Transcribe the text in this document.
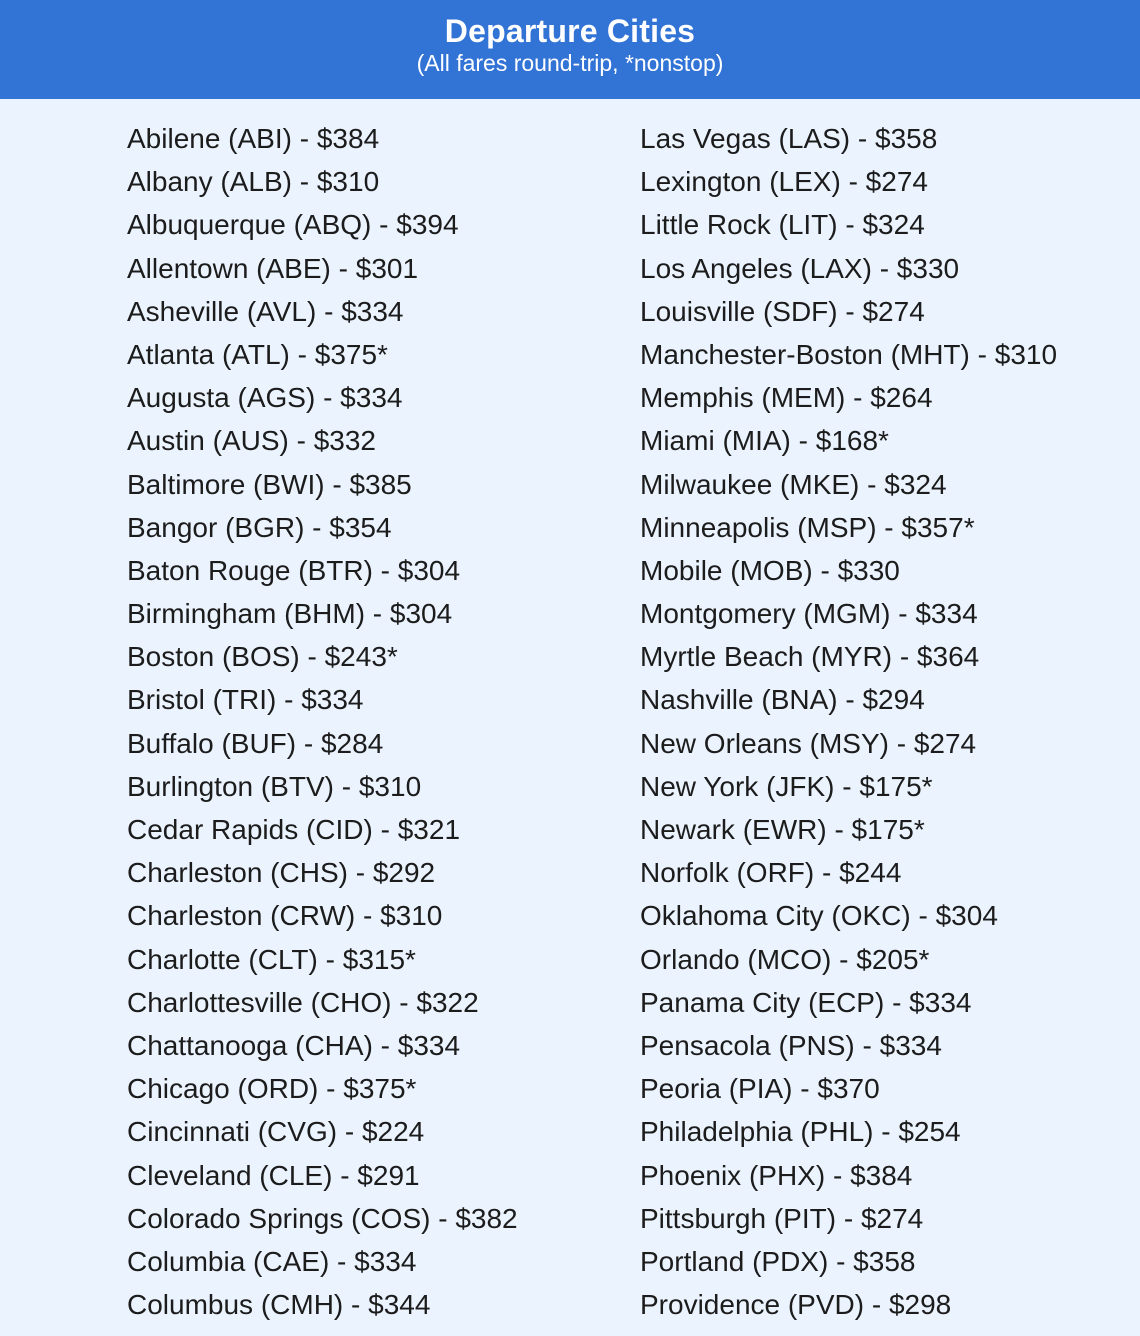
Departure Cities
(All fares round-trip, *nonstop)
Abilene (ABI) - $384
Albany (ALB) - $310
Albuquerque (ABQ) - $394
Allentown (ABE) - $301
Asheville (AVL) - $334
Atlanta (ATL) - $375*
Augusta (AGS) - $334
Austin (AUS) - $332
Baltimore (BWI) - $385
Bangor (BGR) - $354
Baton Rouge (BTR) - $304
Birmingham (BHM) - $304
Boston (BOS) - $243*
Bristol (TRI) - $334
Buffalo (BUF) - $284
Burlington (BTV) - $310
Cedar Rapids (CID) - $321
Charleston (CHS) - $292
Charleston (CRW) - $310
Charlotte (CLT) - $315*
Charlottesville (CHO) - $322
Chattanooga (CHA) - $334
Chicago (ORD) - $375*
Cincinnati (CVG) - $224
Cleveland (CLE) - $291
Colorado Springs (COS) - $382
Columbia (CAE) - $334
Columbus (CMH) - $344
Las Vegas (LAS) - $358
Lexington (LEX) - $274
Little Rock (LIT) - $324
Los Angeles (LAX) - $330
Louisville (SDF) - $274
Manchester-Boston (MHT) - $310
Memphis (MEM) - $264
Miami (MIA) - $168*
Milwaukee (MKE) - $324
Minneapolis (MSP) - $357*
Mobile (MOB) - $330
Montgomery (MGM) - $334
Myrtle Beach (MYR) - $364
Nashville (BNA) - $294
New Orleans (MSY) - $274
New York (JFK) - $175*
Newark (EWR) - $175*
Norfolk (ORF) - $244
Oklahoma City (OKC) - $304
Orlando (MCO) - $205*
Panama City (ECP) - $334
Pensacola (PNS) - $334
Peoria (PIA) - $370
Philadelphia (PHL) - $254
Phoenix (PHX) - $384
Pittsburgh (PIT) - $274
Portland (PDX) - $358
Providence (PVD) - $298
